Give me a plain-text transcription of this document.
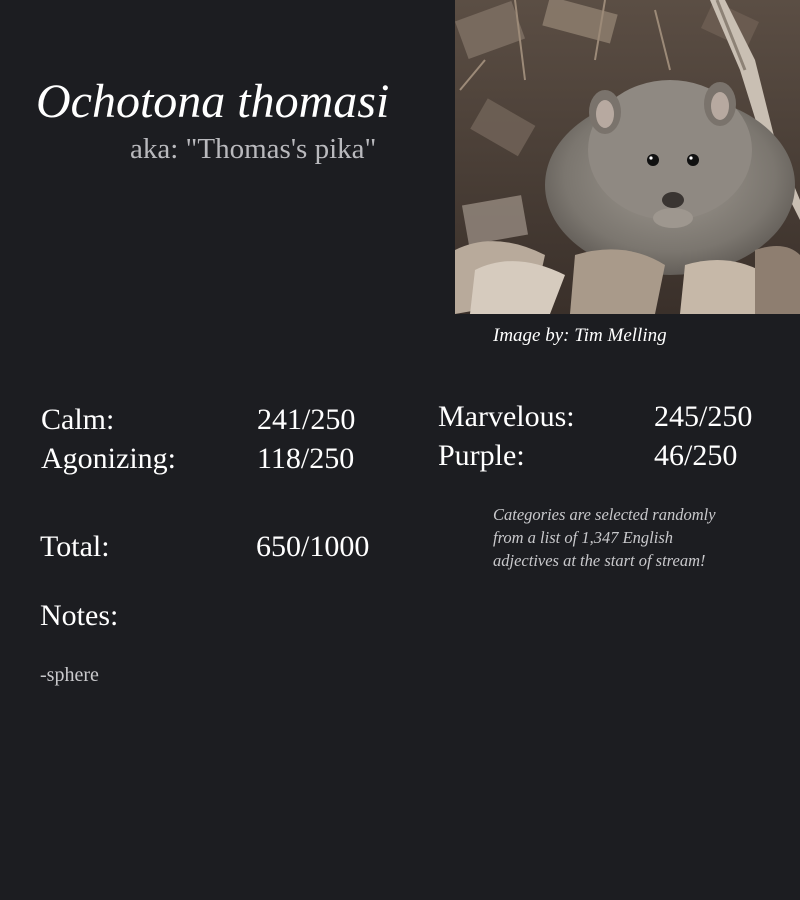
Ochotona thomasi
aka: "Thomas's pika"
Image by: Tim Melling
Calm:	241/250
Agonizing:	118/250
Marvelous:	245/250
Purple:	46/250
Total:	650/1000
Categories are selected randomly from a list of 1,347 English adjectives at the start of stream!
Notes:
-sphere
